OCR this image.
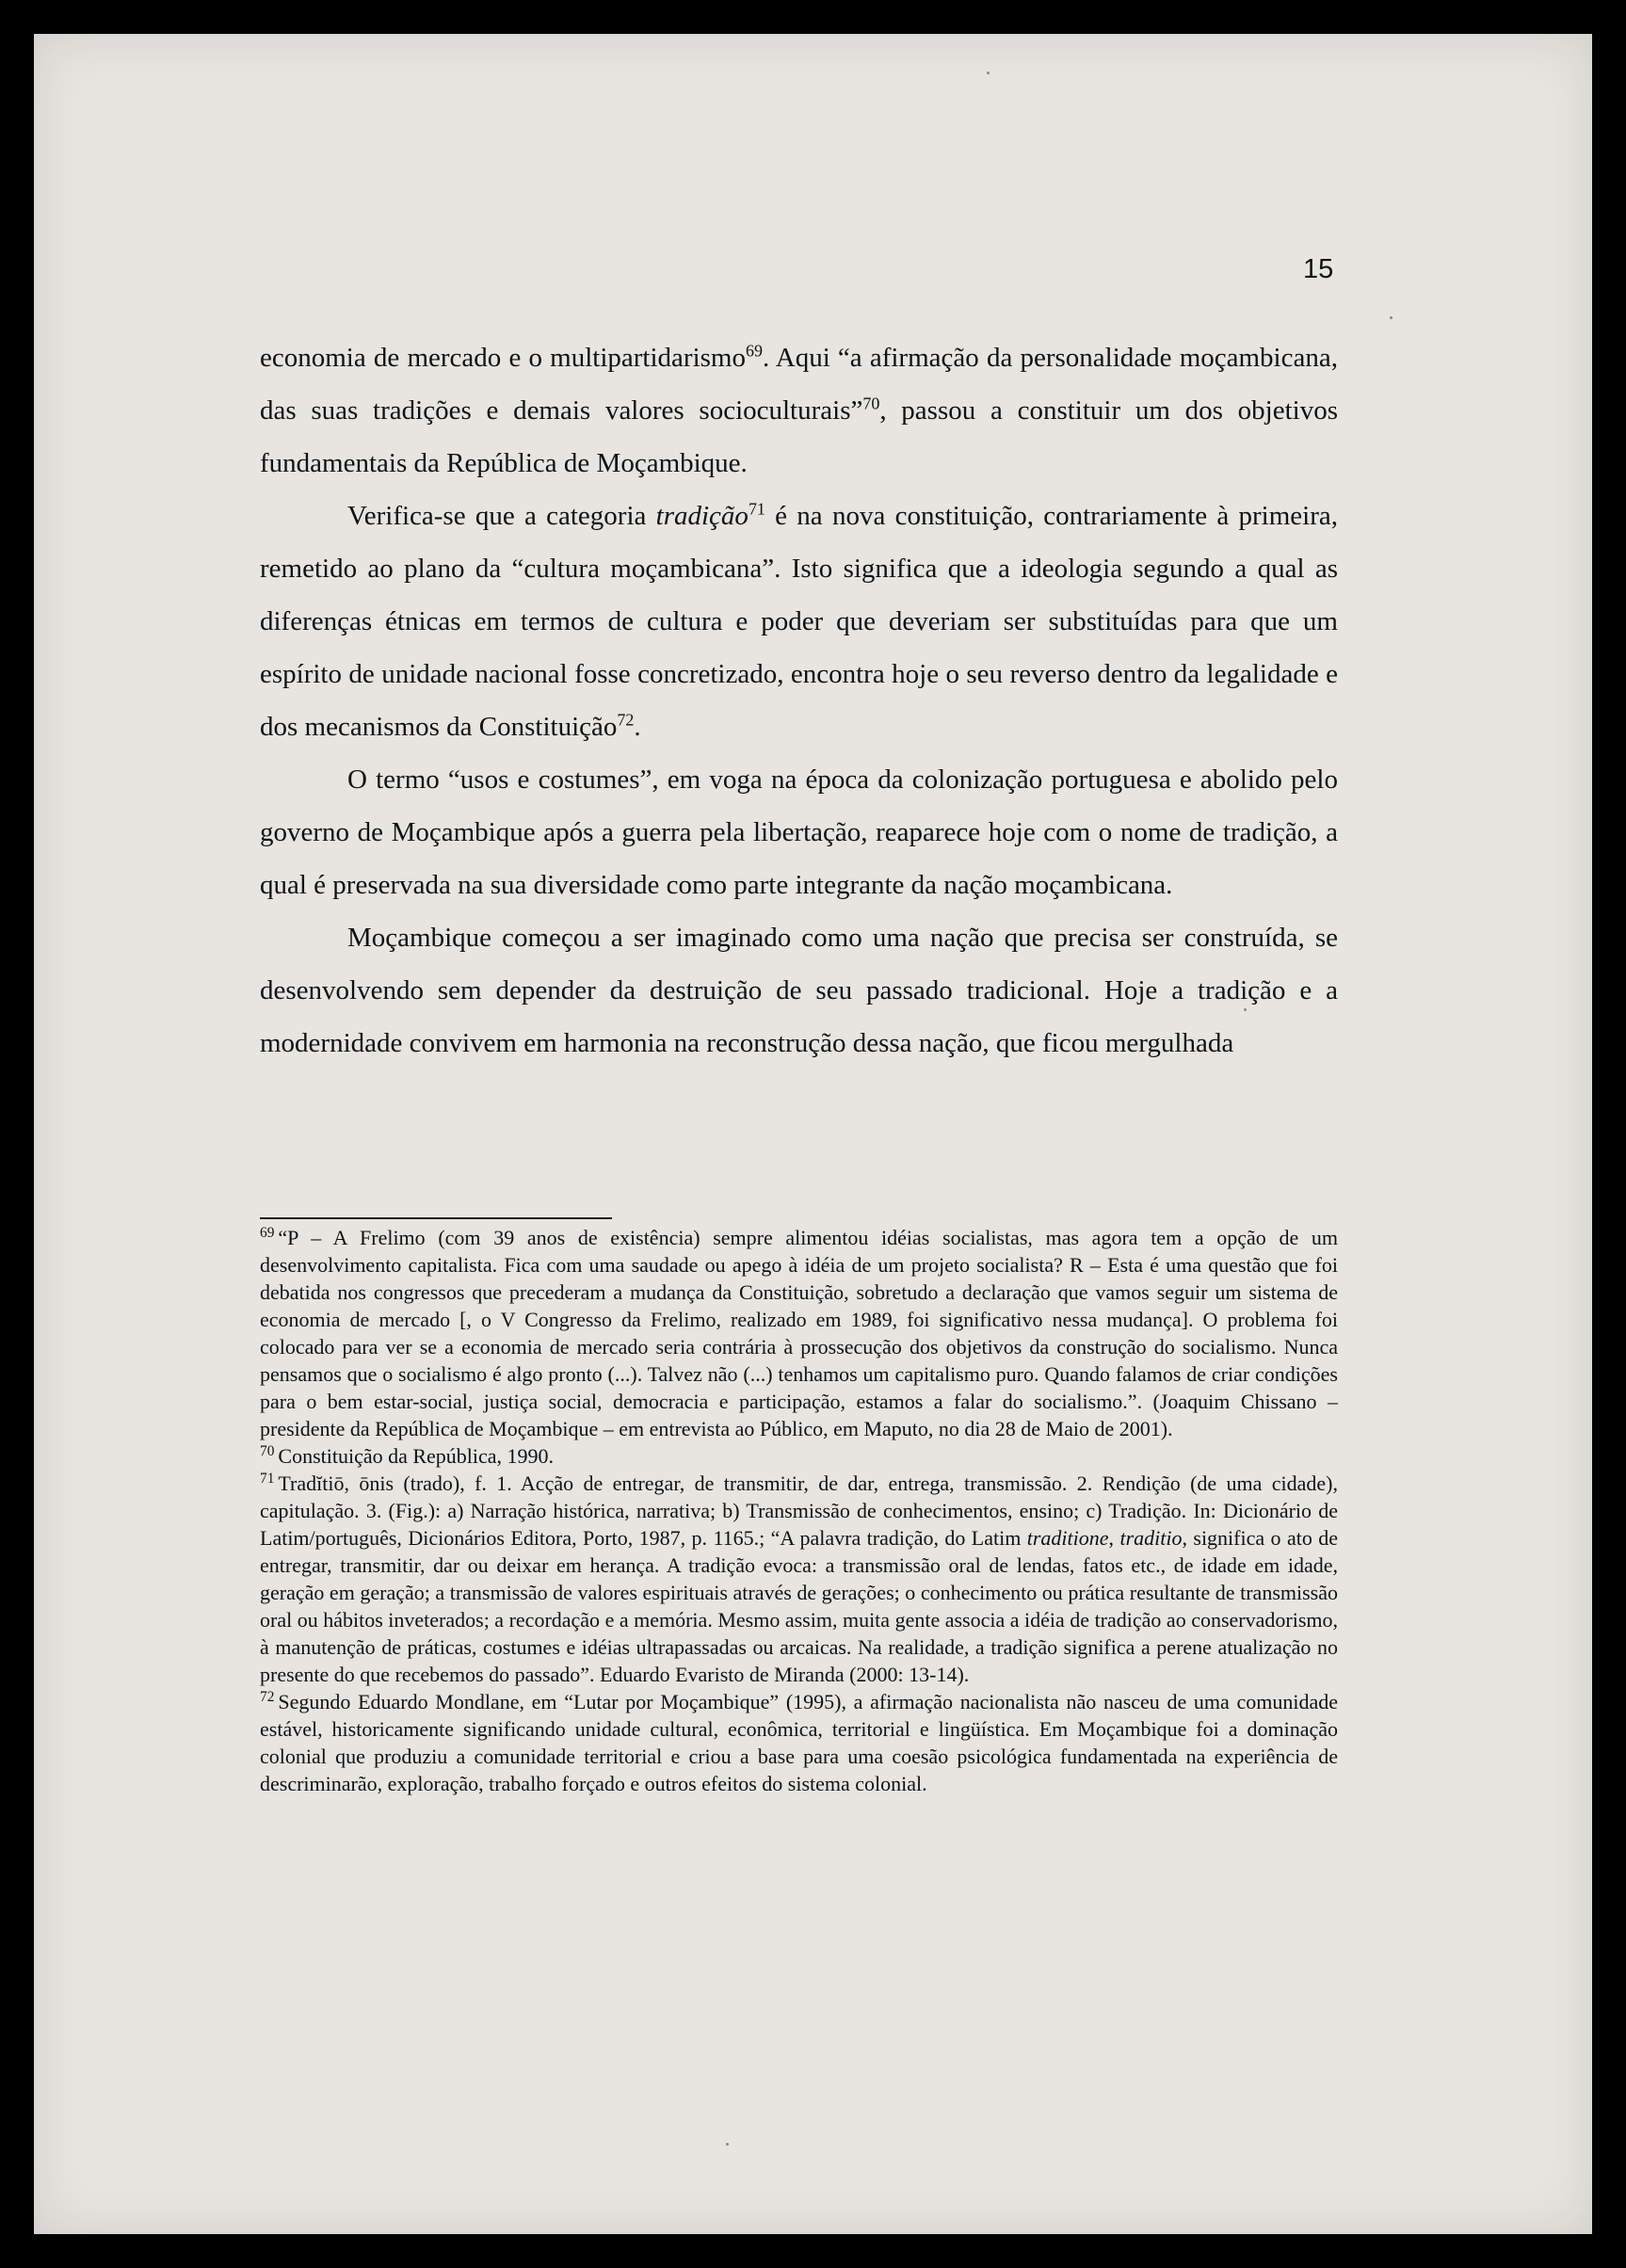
15

economia de mercado e o multipartidarismo$^{69}$. Aqui “a afirmação da personalidade moçambicana, das suas tradições e demais valores socioculturais”$^{70}$, passou a constituir um dos objetivos fundamentais da República de Moçambique.

Verifica-se que a categoria tradição$^{71}$ é na nova constituição, contrariamente à primeira, remetido ao plano da “cultura moçambicana”. Isto significa que a ideologia segundo a qual as diferenças étnicas em termos de cultura e poder que deveriam ser substituídas para que um espírito de unidade nacional fosse concretizado, encontra hoje o seu reverso dentro da legalidade e dos mecanismos da Constituição$^{72}$.

O termo “usos e costumes”, em voga na época da colonização portuguesa e abolido pelo governo de Moçambique após a guerra pela libertação, reaparece hoje com o nome de tradição, a qual é preservada na sua diversidade como parte integrante da nação moçambicana.

Moçambique começou a ser imaginado como uma nação que precisa ser construída, se desenvolvendo sem depender da destruição de seu passado tradicional. Hoje a tradição e a modernidade convivem em harmonia na reconstrução dessa nação, que ficou mergulhada

$^{69}$ “P – A Frelimo (com 39 anos de existência) sempre alimentou idéias socialistas, mas agora tem a opção de um desenvolvimento capitalista. Fica com uma saudade ou apego à idéia de um projeto socialista? R – Esta é uma questão que foi debatida nos congressos que precederam a mudança da Constituição, sobretudo a declaração que vamos seguir um sistema de economia de mercado [, o V Congresso da Frelimo, realizado em 1989, foi significativo nessa mudança]. O problema foi colocado para ver se a economia de mercado seria contrária à prossecução dos objetivos da construção do socialismo. Nunca pensamos que o socialismo é algo pronto (...). Talvez não (...) tenhamos um capitalismo puro. Quando falamos de criar condições para o bem estar-social, justiça social, democracia e participação, estamos a falar do socialismo.”. (Joaquim Chissano – presidente da República de Moçambique – em entrevista ao Público, em Maputo, no dia 28 de Maio de 2001).

$^{70}$ Constituição da República, 1990.

$^{71}$ Tradĭtiō, ōnis (trado), f. 1. Acção de entregar, de transmitir, de dar, entrega, transmissão. 2. Rendição (de uma cidade), capitulação. 3. (Fig.): a) Narração histórica, narrativa; b) Transmissão de conhecimentos, ensino; c) Tradição. In: Dicionário de Latim/português, Dicionários Editora, Porto, 1987, p. 1165.; “A palavra tradição, do Latim traditione, traditio, significa o ato de entregar, transmitir, dar ou deixar em herança. A tradição evoca: a transmissão oral de lendas, fatos etc., de idade em idade, geração em geração; a transmissão de valores espirituais através de gerações; o conhecimento ou prática resultante de transmissão oral ou hábitos inveterados; a recordação e a memória. Mesmo assim, muita gente associa a idéia de tradição ao conservadorismo, à manutenção de práticas, costumes e idéias ultrapassadas ou arcaicas. Na realidade, a tradição significa a perene atualização no presente do que recebemos do passado”. Eduardo Evaristo de Miranda (2000: 13-14).

$^{72}$ Segundo Eduardo Mondlane, em “Lutar por Moçambique” (1995), a afirmação nacionalista não nasceu de uma comunidade estável, historicamente significando unidade cultural, econômica, territorial e lingüística. Em Moçambique foi a dominação colonial que produziu a comunidade territorial e criou a base para uma coesão psicológica fundamentada na experiência de descriminarão, exploração, trabalho forçado e outros efeitos do sistema colonial.
